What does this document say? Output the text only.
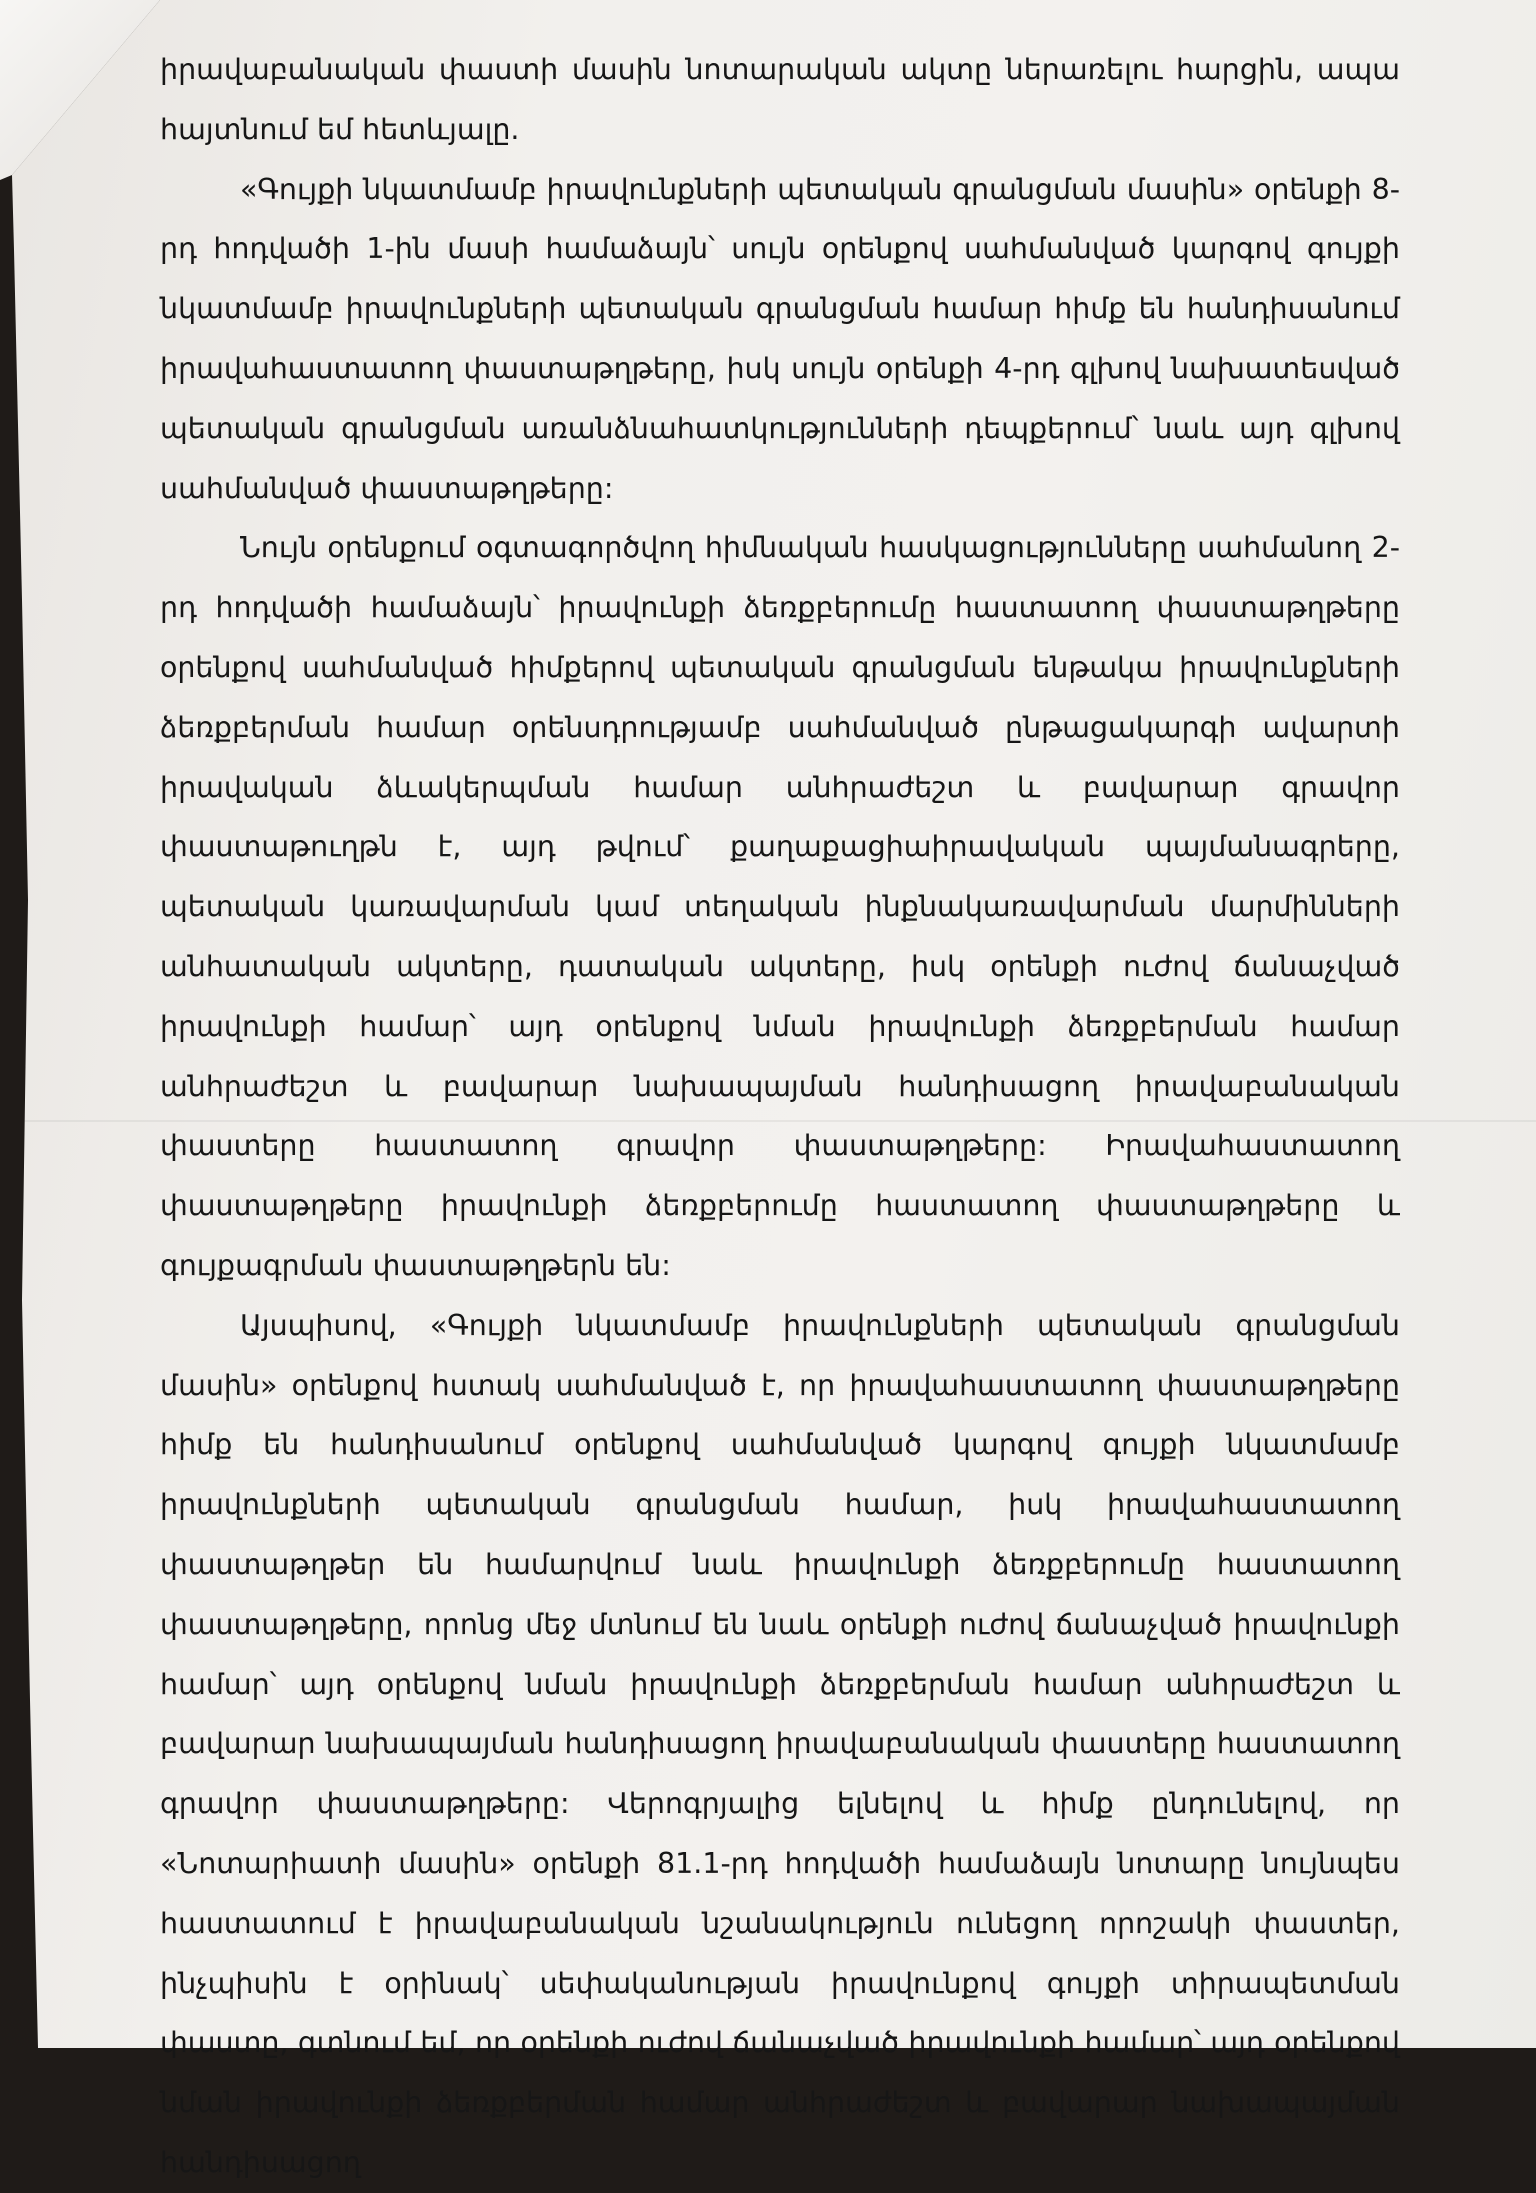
իրավաբանական փաստի մասին նոտարական ակտը ներառելու հարցին, ապա հայտնում եմ հետևյալը.

«Գույքի նկատմամբ իրավունքների պետական գրանցման մասին» օրենքի 8-րդ հոդվածի 1-ին մասի համաձայն՝ սույն օրենքով սահմանված կարգով գույքի նկատմամբ իրավունքների պետական գրանցման համար հիմք են հանդիսանում իրավահաստատող փաստաթղթերը, իսկ սույն օրենքի 4-րդ գլխով նախատեսված պետական գրանցման առանձնահատկությունների դեպքերում՝ նաև այդ գլխով սահմանված փաստաթղթերը:

Նույն օրենքում օգտագործվող հիմնական հասկացությունները սահմանող 2-րդ հոդվածի համաձայն՝ իրավունքի ձեռքբերումը հաստատող փաստաթղթերը օրենքով սահմանված հիմքերով պետական գրանցման ենթակա իրավունքների ձեռքբերման համար օրենսդրությամբ սահմանված ընթացակարգի ավարտի իրավական ձևակերպման համար անհրաժեշտ և բավարար գրավոր փաստաթուղթն է, այդ թվում՝ քաղաքացիաիրավական պայմանագրերը, պետական կառավարման կամ տեղական ինքնակառավարման մարմինների անհատական ակտերը, դատական ակտերը, իսկ օրենքի ուժով ճանաչված իրավունքի համար՝ այդ օրենքով նման իրավունքի ձեռքբերման համար անհրաժեշտ և բավարար նախապայման հանդիսացող իրավաբանական փաստերը հաստատող գրավոր փաստաթղթերը: Իրավահաստատող փաստաթղթերը իրավունքի ձեռքբերումը հաստատող փաստաթղթերը և գույքագրման փաստաթղթերն են:

Այսպիսով, «Գույքի նկատմամբ իրավունքների պետական գրանցման մասին» օրենքով հստակ սահմանված է, որ իրավահաստատող փաստաթղթերը հիմք են հանդիսանում օրենքով սահմանված կարգով գույքի նկատմամբ իրավունքների պետական գրանցման համար, իսկ իրավահաստատող փաստաթղթեր են համարվում նաև իրավունքի ձեռքբերումը հաստատող փաստաթղթերը, որոնց մեջ մտնում են նաև օրենքի ուժով ճանաչված իրավունքի համար՝ այդ օրենքով նման իրավունքի ձեռքբերման համար անհրաժեշտ և բավարար նախապայման հանդիսացող իրավաբանական փաստերը հաստատող գրավոր փաստաթղթերը: Վերոգրյալից ելնելով և հիմք ընդունելով, որ «Նոտարիատի մասին» օրենքի 81.1-րդ հոդվածի համաձայն նոտարը նույնպես հաստատում է իրավաբանական նշանակություն ունեցող որոշակի փաստեր, ինչպիսին է օրինակ՝ սեփականության իրավունքով գույքի տիրապետման փաստը, գտնում եմ, որ օրենքի ուժով ճանաչված իրավունքի համար՝ այդ օրենքով նման իրավունքի ձեռքբերման համար անհրաժեշտ և բավարար նախապայման հանդիսացող
